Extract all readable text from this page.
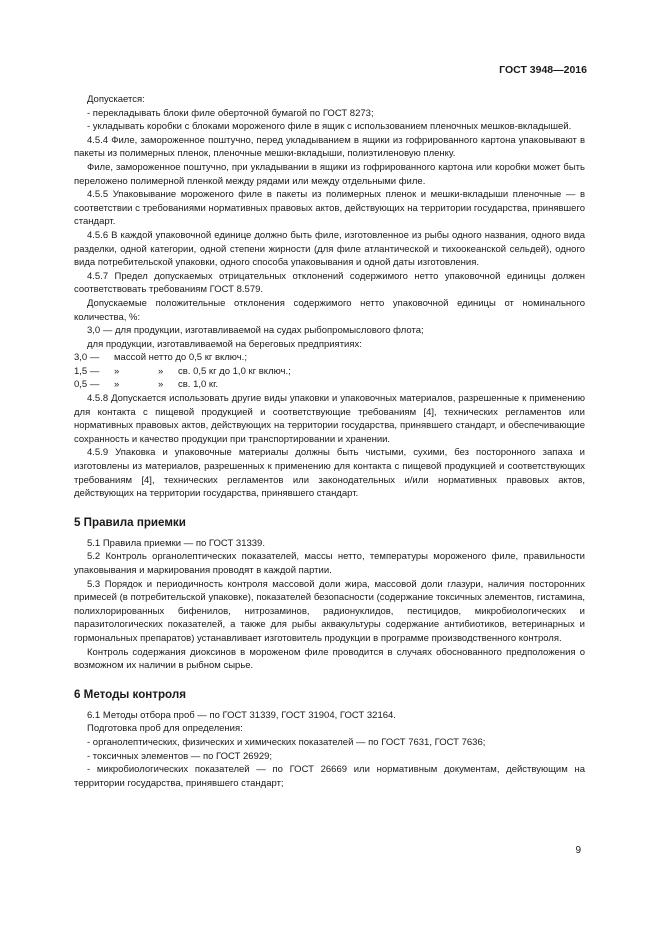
ГОСТ 3948—2016

Допускается:

- перекладывать блоки филе оберточной бумагой по ГОСТ 8273;

- укладывать коробки с блоками мороженого филе в ящик с использованием пленочных мешков-вкладышей.

4.5.4 Филе, замороженное поштучно, перед укладыванием в ящики из гофрированного картона упаковывают в пакеты из полимерных пленок, пленочные мешки-вкладыши, полиэтиленовую пленку.

Филе, замороженное поштучно, при укладывании в ящики из гофрированного картона или коробки может быть переложено полимерной пленкой между рядами или между отдельными филе.

4.5.5 Упаковывание мороженого филе в пакеты из полимерных пленок и мешки-вкладыши пленочные — в соответствии с требованиями нормативных правовых актов, действующих на территории государства, принявшего стандарт.

4.5.6 В каждой упаковочной единице должно быть филе, изготовленное из рыбы одного названия, одного вида разделки, одной категории, одной степени жирности (для филе атлантической и тихоокеанской сельдей), одного вида потребительской упаковки, одного способа упаковывания и одной даты изготовления.

4.5.7 Предел допускаемых отрицательных отклонений содержимого нетто упаковочной единицы должен соответствовать требованиям ГОСТ 8.579.

Допускаемые положительные отклонения содержимого нетто упаковочной единицы от номинального количества, %:

3,0 — для продукции, изготавливаемой на судах рыбопромыслового флота;

для продукции, изготавливаемой на береговых предприятиях:

3,0 —	массой нетто до 0,5 кг включ.;
1,5 —	»	»	св. 0,5 кг до 1,0 кг включ.;
0,5 —	»	»	св. 1,0 кг.

4.5.8 Допускается использовать другие виды упаковки и упаковочных материалов, разрешенные к применению для контакта с пищевой продукцией и соответствующие требованиям [4], технических регламентов или нормативных правовых актов, действующих на территории государства, принявшего стандарт, и обеспечивающие сохранность и качество продукции при транспортировании и хранении.

4.5.9 Упаковка и упаковочные материалы должны быть чистыми, сухими, без посторонного запаха и изготовлены из материалов, разрешенных к применению для контакта с пищевой продукцией и соответствующих требованиям [4], технических регламентов или законодательных и/или нормативных правовых актов, действующих на территории государства, принявшего стандарт.

5 Правила приемки

5.1 Правила приемки — по ГОСТ 31339.

5.2 Контроль органолептических показателей, массы нетто, температуры мороженого филе, правильности упаковывания и маркирования проводят в каждой партии.

5.3 Порядок и периодичность контроля массовой доли жира, массовой доли глазури, наличия посторонних примесей (в потребительской упаковке), показателей безопасности (содержание токсичных элементов, гистамина, полихлорированных бифенилов, нитрозаминов, радионуклидов, пестицидов, микробиологических и паразитологических показателей, а также для рыбы аквакультуры содержание антибиотиков, ветеринарных и гормональных препаратов) устанавливает изготовитель продукции в программе производственного контроля.

Контроль содержания диоксинов в мороженом филе проводится в случаях обоснованного предположения о возможном их наличии в рыбном сырье.

6 Методы контроля

6.1 Методы отбора проб — по ГОСТ 31339, ГОСТ 31904, ГОСТ 32164.

Подготовка проб для определения:

- органолептических, физических и химических показателей — по ГОСТ 7631, ГОСТ 7636;

- токсичных элементов — по ГОСТ 26929;

- микробиологических показателей — по ГОСТ 26669 или нормативным документам, действующим на территории государства, принявшего стандарт;

9
